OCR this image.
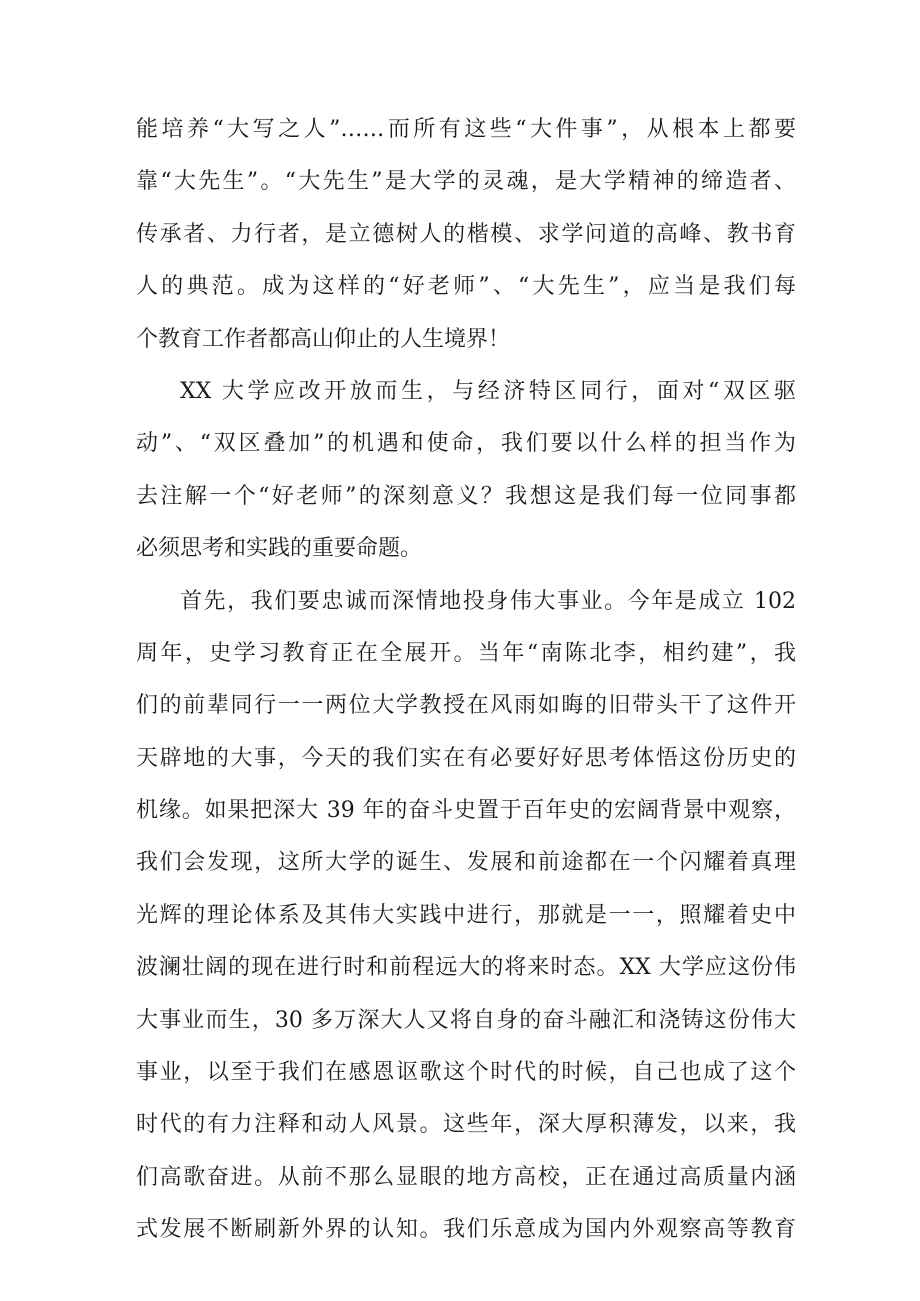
能培养“大写之人”……而所有这些“大件事”，从根本上都要
靠“大先生”。“大先生”是大学的灵魂，是大学精神的缔造者、
传承者、力行者，是立德树人的楷模、求学问道的高峰、教书育
人的典范。成为这样的“好老师”、“大先生”，应当是我们每
个教育工作者都高山仰止的人生境界！
XX 大学应改开放而生，与经济特区同行，面对“双区驱
动”、“双区叠加”的机遇和使命，我们要以什么样的担当作为
去注解一个“好老师”的深刻意义？我想这是我们每一位同事都
必须思考和实践的重要命题。
首先，我们要忠诚而深情地投身伟大事业。今年是成立 102
周年，史学习教育正在全展开。当年“南陈北李，相约建”，我
们的前辈同行一一两位大学教授在风雨如晦的旧带头干了这件开
天辟地的大事，今天的我们实在有必要好好思考体悟这份历史的
机缘。如果把深大 39 年的奋斗史置于百年史的宏阔背景中观察，
我们会发现，这所大学的诞生、发展和前途都在一个闪耀着真理
光辉的理论体系及其伟大实践中进行，那就是一一，照耀着史中
波澜壮阔的现在进行时和前程远大的将来时态。XX 大学应这份伟
大事业而生，30 多万深大人又将自身的奋斗融汇和浇铸这份伟大
事业，以至于我们在感恩讴歌这个时代的时候，自己也成了这个
时代的有力注释和动人风景。这些年，深大厚积薄发，以来，我
们高歌奋进。从前不那么显眼的地方高校，正在通过高质量内涵
式发展不断刷新外界的认知。我们乐意成为国内外观察高等教育
